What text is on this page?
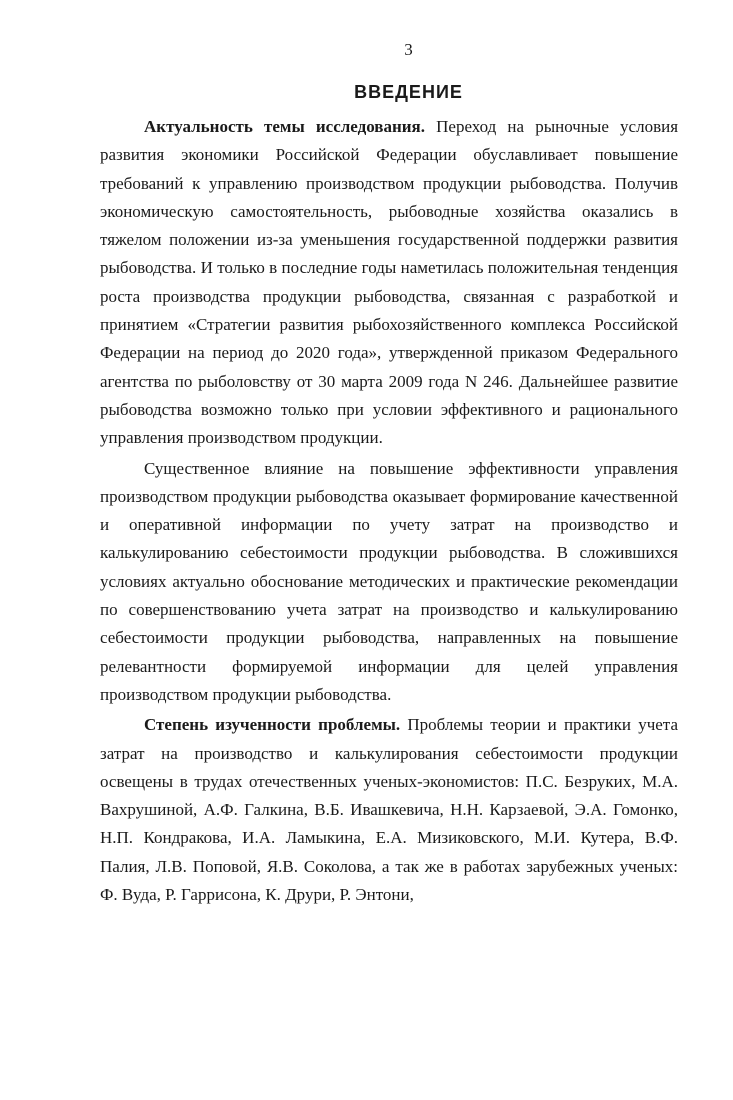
3
ВВЕДЕНИЕ

Актуальность темы исследования. Переход на рыночные условия развития экономики Российской Федерации обуславливает повышение требований к управлению производством продукции рыбоводства. Получив экономическую самостоятельность, рыбоводные хозяйства оказались в тяжелом положении из-за уменьшения государственной поддержки развития рыбоводства. И только в последние годы наметилась положительная тенденция роста производства продукции рыбоводства, связанная с разработкой и принятием «Стратегии развития рыбохозяйственного комплекса Российской Федерации на период до 2020 года», утвержденной приказом Федерального агентства по рыболовству от 30 марта 2009 года N 246. Дальнейшее развитие рыбоводства возможно только при условии эффективного и рационального управления производством продукции.

Существенное влияние на повышение эффективности управления производством продукции рыбоводства оказывает формирование качественной и оперативной информации по учету затрат на производство и калькулированию себестоимости продукции рыбоводства. В сложившихся условиях актуально обоснование методических и практические рекомендации по совершенствованию учета затрат на производство и калькулированию себестоимости продукции рыбоводства, направленных на повышение релевантности формируемой информации для целей управления производством продукции рыбоводства.

Степень изученности проблемы. Проблемы теории и практики учета затрат на производство и калькулирования себестоимости продукции освещены в трудах отечественных ученых-экономистов: П.С. Безруких, М.А. Вахрушиной, А.Ф. Галкина, В.Б. Ивашкевича, Н.Н. Карзаевой, Э.А. Гомонко, Н.П. Кондракова, И.А. Ламыкина, Е.А. Мизиковского, М.И. Кутера, В.Ф. Палия, Л.В. Поповой, Я.В. Соколова, а так же в работах зарубежных ученых: Ф. Вуда, Р. Гаррисона, К. Друри, Р. Энтони,
